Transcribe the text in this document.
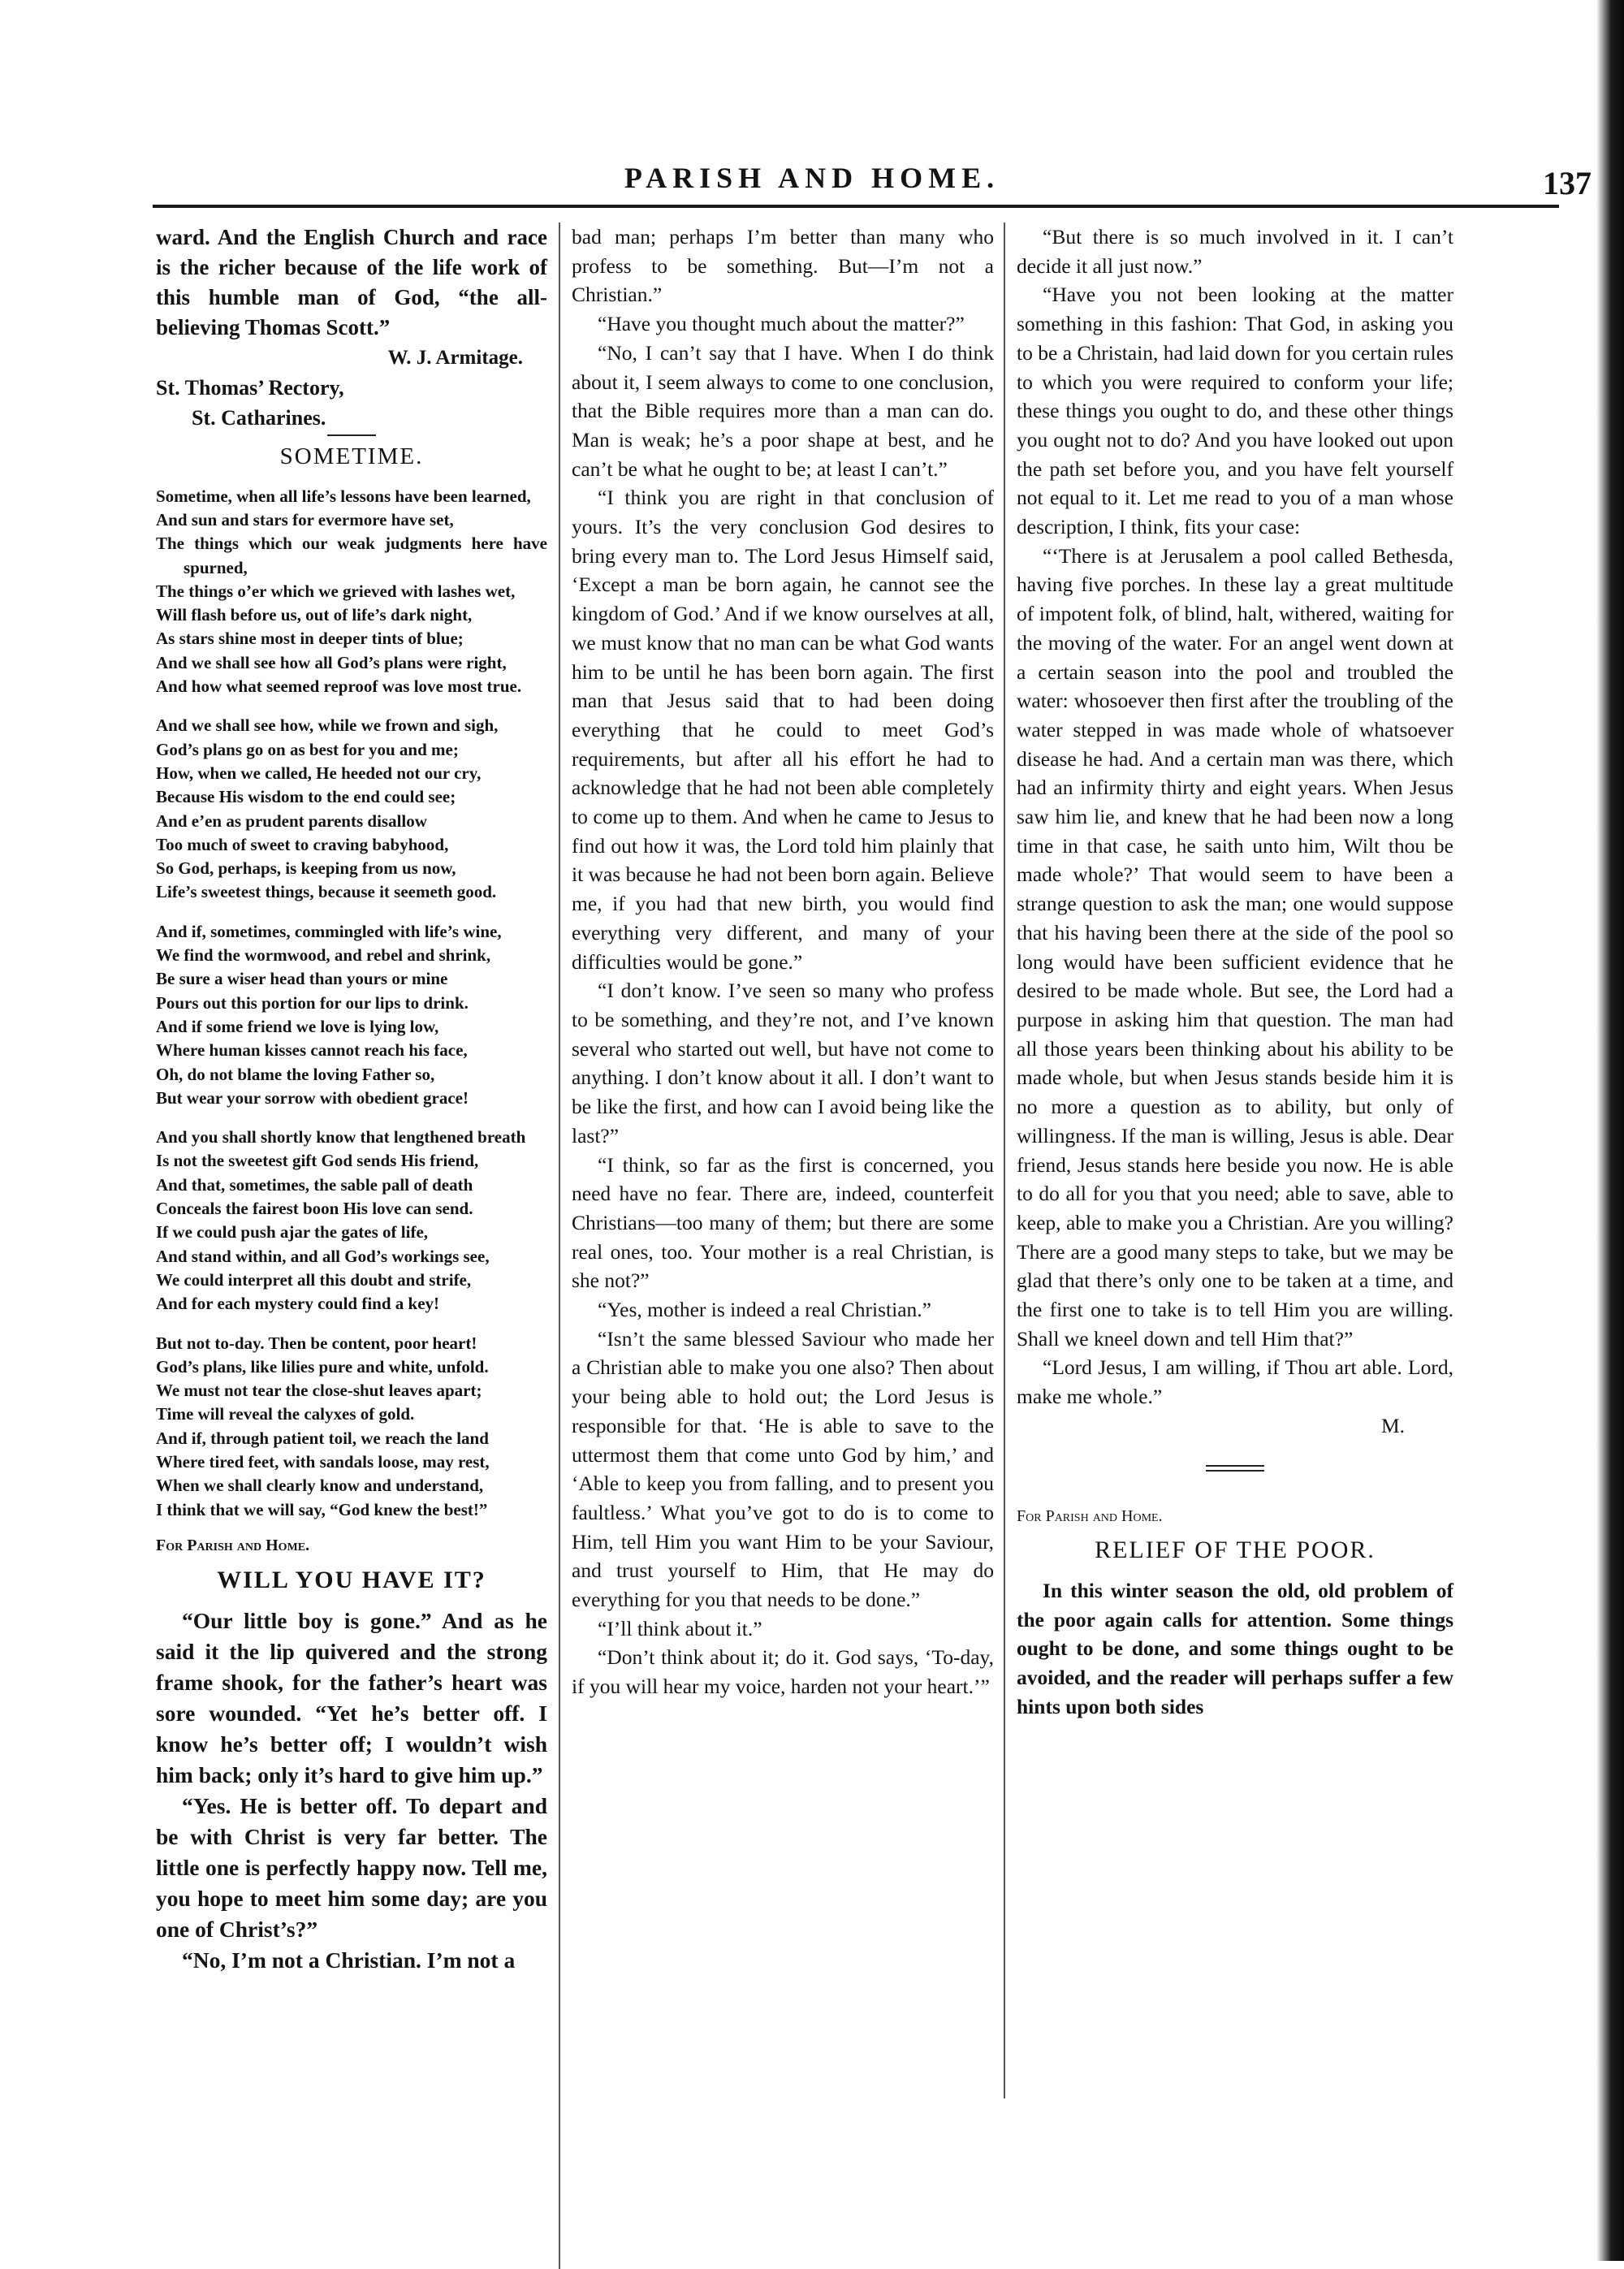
PARISH AND HOME.	137

ward. And the English Church and race is the richer because of the life work of this humble man of God, “the all-believing Thomas Scott.”

W. J. Armitage.

St. Thomas’ Rectory,

St. Catharines.

SOMETIME.

Sometime, when all life’s lessons have been learned,

And sun and stars for evermore have set,

The things which our weak judgments here have spurned,

The things o’er which we grieved with lashes wet,

Will flash before us, out of life’s dark night,

As stars shine most in deeper tints of blue;

And we shall see how all God’s plans were right,

And how what seemed reproof was love most true.

And we shall see how, while we frown and sigh,

God’s plans go on as best for you and me;

How, when we called, He heeded not our cry,

Because His wisdom to the end could see;

And e’en as prudent parents disallow

Too much of sweet to craving babyhood,

So God, perhaps, is keeping from us now,

Life’s sweetest things, because it seemeth good.

And if, sometimes, commingled with life’s wine,

We find the wormwood, and rebel and shrink,

Be sure a wiser head than yours or mine

Pours out this portion for our lips to drink.

And if some friend we love is lying low,

Where human kisses cannot reach his face,

Oh, do not blame the loving Father so,

But wear your sorrow with obedient grace!

And you shall shortly know that lengthened breath

Is not the sweetest gift God sends His friend,

And that, sometimes, the sable pall of death

Conceals the fairest boon His love can send.

If we could push ajar the gates of life,

And stand within, and all God’s workings see,

We could interpret all this doubt and strife,

And for each mystery could find a key!

But not to-day. Then be content, poor heart!

God’s plans, like lilies pure and white, unfold.

We must not tear the close-shut leaves apart;

Time will reveal the calyxes of gold.

And if, through patient toil, we reach the land

Where tired feet, with sandals loose, may rest,

When we shall clearly know and understand,

I think that we will say, “God knew the best!”

For Parish and Home.

WILL YOU HAVE IT?

“Our little boy is gone.” And as he said it the lip quivered and the strong frame shook, for the father’s heart was sore wounded. “Yet he’s better off. I know he’s better off; I wouldn’t wish him back; only it’s hard to give him up.”

“Yes. He is better off. To depart and be with Christ is very far better. The little one is perfectly happy now. Tell me, you hope to meet him some day; are you one of Christ’s?”

“No, I’m not a Christian. I’m not a

bad man; perhaps I’m better than many who profess to be something. But—I’m not a Christian.”

“Have you thought much about the matter?”

“No, I can’t say that I have. When I do think about it, I seem always to come to one conclusion, that the Bible requires more than a man can do. Man is weak; he’s a poor shape at best, and he can’t be what he ought to be; at least I can’t.”

“I think you are right in that conclusion of yours. It’s the very conclusion God desires to bring every man to. The Lord Jesus Himself said, ‘Except a man be born again, he cannot see the kingdom of God.’ And if we know ourselves at all, we must know that no man can be what God wants him to be until he has been born again. The first man that Jesus said that to had been doing everything that he could to meet God’s requirements, but after all his effort he had to acknowledge that he had not been able completely to come up to them. And when he came to Jesus to find out how it was, the Lord told him plainly that it was because he had not been born again. Believe me, if you had that new birth, you would find everything very different, and many of your difficulties would be gone.”

“I don’t know. I’ve seen so many who profess to be something, and they’re not, and I’ve known several who started out well, but have not come to anything. I don’t know about it all. I don’t want to be like the first, and how can I avoid being like the last?”

“I think, so far as the first is concerned, you need have no fear. There are, indeed, counterfeit Christians—too many of them; but there are some real ones, too. Your mother is a real Christian, is she not?”

“Yes, mother is indeed a real Christian.”

“Isn’t the same blessed Saviour who made her a Christian able to make you one also? Then about your being able to hold out; the Lord Jesus is responsible for that. ‘He is able to save to the uttermost them that come unto God by him,’ and ‘Able to keep you from falling, and to present you faultless.’ What you’ve got to do is to come to Him, tell Him you want Him to be your Saviour, and trust yourself to Him, that He may do everything for you that needs to be done.”

“I’ll think about it.”

“Don’t think about it; do it. God says, ‘To-day, if you will hear my voice, harden not your heart.’”

“But there is so much involved in it. I can’t decide it all just now.”

“Have you not been looking at the matter something in this fashion: That God, in asking you to be a Christain, had laid down for you certain rules to which you were required to conform your life; these things you ought to do, and these other things you ought not to do? And you have looked out upon the path set before you, and you have felt yourself not equal to it. Let me read to you of a man whose description, I think, fits your case:

“‘There is at Jerusalem a pool called Bethesda, having five porches. In these lay a great multitude of impotent folk, of blind, halt, withered, waiting for the moving of the water. For an angel went down at a certain season into the pool and troubled the water: whosoever then first after the troubling of the water stepped in was made whole of whatsoever disease he had. And a certain man was there, which had an infirmity thirty and eight years. When Jesus saw him lie, and knew that he had been now a long time in that case, he saith unto him, Wilt thou be made whole?’ That would seem to have been a strange question to ask the man; one would suppose that his having been there at the side of the pool so long would have been sufficient evidence that he desired to be made whole. But see, the Lord had a purpose in asking him that question. The man had all those years been thinking about his ability to be made whole, but when Jesus stands beside him it is no more a question as to ability, but only of willingness. If the man is willing, Jesus is able. Dear friend, Jesus stands here beside you now. He is able to do all for you that you need; able to save, able to keep, able to make you a Christian. Are you willing? There are a good many steps to take, but we may be glad that there’s only one to be taken at a time, and the first one to take is to tell Him you are willing. Shall we kneel down and tell Him that?”

“Lord Jesus, I am willing, if Thou art able. Lord, make me whole.”

M.

For Parish and Home.

RELIEF OF THE POOR.

In this winter season the old, old problem of the poor again calls for attention. Some things ought to be done, and some things ought to be avoided, and the reader will perhaps suffer a few hints upon both sides
